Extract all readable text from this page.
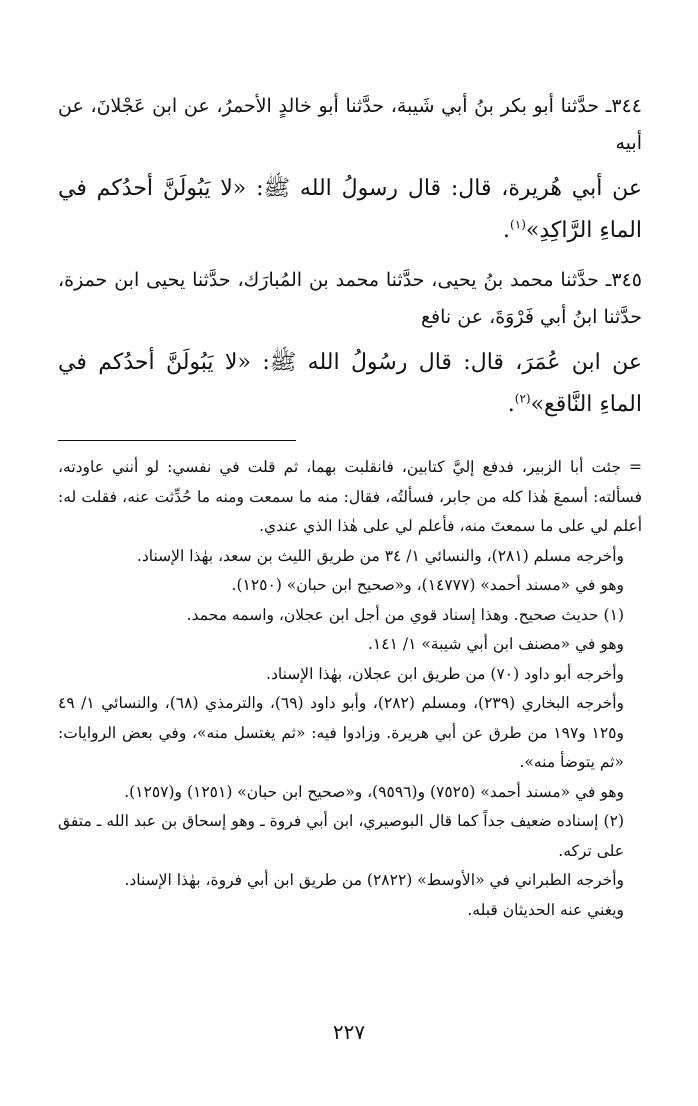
٣٤٤ـ حدَّثنا أبو بكر بنُ أبي شَيبة، حدَّثنا أبو خالدٍ الأحمرُ، عن ابن عَجْلانَ، عن أبيه

عن أبي هُريرة، قال: قال رسولُ الله ﷺ: «لا يَبُولَنَّ أحدُكم في الماءِ الرَّاكِدِ»$^{(١)}$.

٣٤٥ـ حدَّثنا محمد بنُ يحيى، حدَّثنا محمد بن المُبارَك، حدَّثنا يحيى ابن حمزة، حدَّثنا ابنُ أبي فَرْوَةَ، عن نافع

عن ابن عُمَرَ، قال: قال رسُولُ الله ﷺ: «لا يَبُولَنَّ أحدُكم في الماءِ النَّاقع»$^{(٢)}$.

= جئت أبا الزبير، فدفع إليَّ كتابين، فانقلبت بهما، ثم قلت في نفسي: لو أنني عاودته، فسألته: أسمعَ هٰذا كله من جابر، فسألتُه، فقال: منه ما سمعت ومنه ما حُدِّثت عنه، فقلت له: أعلم لي على ما سمعتَ منه، فأعلم لي على هٰذا الذي عندي.

وأخرجه مسلم (٢٨١)، والنسائي ١/ ٣٤ من طريق الليث بن سعد، بهٰذا الإسناد.

وهو في «مسند أحمد» (١٤٧٧٧)، و«صحيح ابن حبان» (١٢٥٠).

(١) حديث صحيح. وهذا إسناد قوي من أجل ابن عجلان، واسمه محمد.

وهو في «مصنف ابن أبي شيبة» ١/ ١٤١.

وأخرجه أبو داود (٧٠) من طريق ابن عجلان، بهٰذا الإسناد.

وأخرجه البخاري (٢٣٩)، ومسلم (٢٨٢)، وأبو داود (٦٩)، والترمذي (٦٨)، والنسائي ١/ ٤٩ و١٢٥ و١٩٧ من طرق عن أبي هريرة. وزادوا فيه: «ثم يغتسل منه»، وفي بعض الروايات: «ثم يتوضأ منه».

وهو في «مسند أحمد» (٧٥٢٥) و(٩٥٩٦)، و«صحيح ابن حبان» (١٢٥١) و(١٢٥٧).

(٢) إسناده ضعيف جداً كما قال البوصيري، ابن أبي فروة ـ وهو إسحاق بن عبد الله ـ متفق على تركه.

وأخرجه الطبراني في «الأوسط» (٢٨٢٢) من طريق ابن أبي فروة، بهٰذا الإسناد.

ويغني عنه الحديثان قبله.

٢٢٧
